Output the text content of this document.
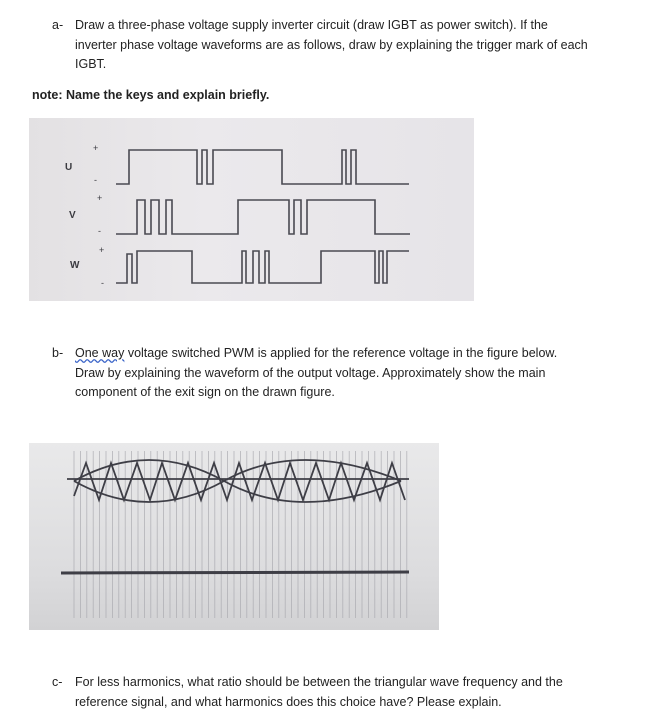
a- Draw a three-phase voltage supply inverter circuit (draw IGBT as power switch). If the
inverter phase voltage waveforms are as follows, draw by explaining the trigger mark of each
IGBT.
note: Name the keys and explain briefly.
U
V
W
+
+
+
-
-
-
b- One way voltage switched PWM is applied for the reference voltage in the figure below.
Draw by explaining the waveform of the output voltage. Approximately show the main
component of the exit sign on the drawn figure.
c- For less harmonics, what ratio should be between the triangular wave frequency and the
reference signal, and what harmonics does this choice have? Please explain.
